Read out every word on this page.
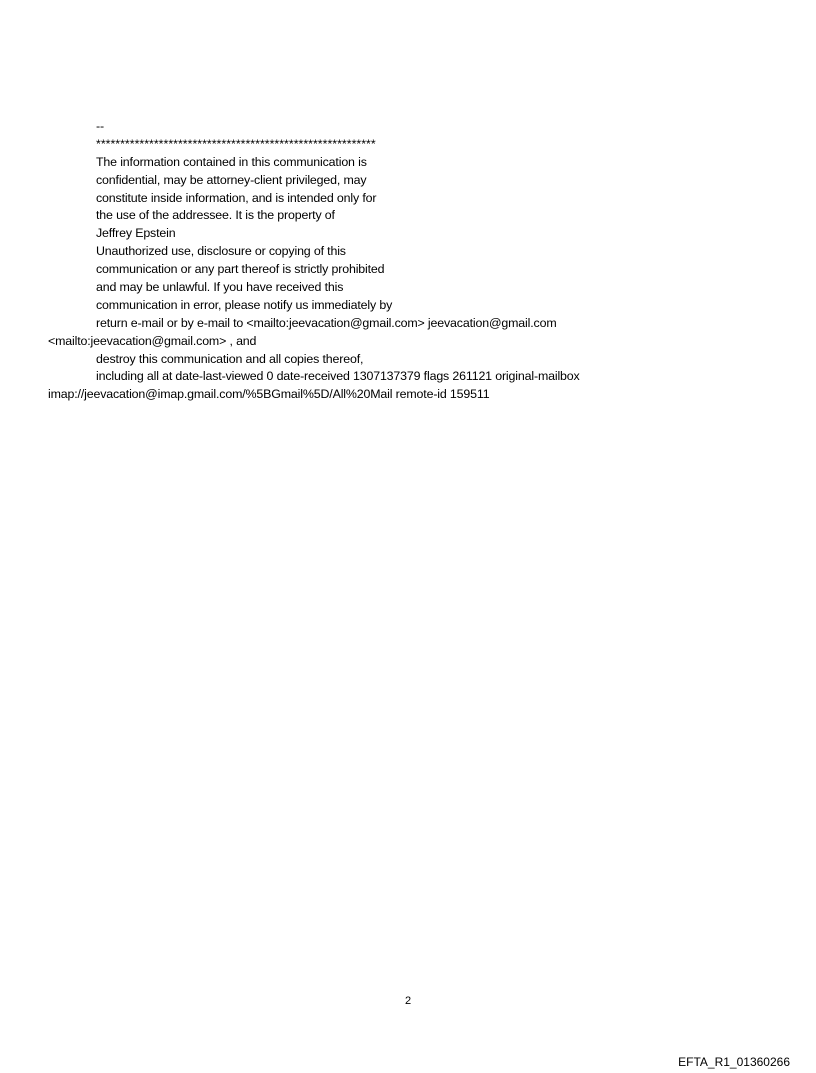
--
**********************************************************
The information contained in this communication is
confidential, may be attorney-client privileged, may
constitute inside information, and is intended only for
the use of the addressee. It is the property of
Jeffrey Epstein
Unauthorized use, disclosure or copying of this
communication or any part thereof is strictly prohibited
and may be unlawful. If you have received this
communication in error, please notify us immediately by
return e-mail or by e-mail to <mailto:jeevacation@gmail.com> jeevacation@gmail.com
<mailto:jeevacation@gmail.com> , and
destroy this communication and all copies thereof,
including all at date-last-viewed 0 date-received 1307137379 flags 261121 original-mailbox
imap://jeevacation@imap.gmail.com/%5BGmail%5D/All%20Mail remote-id 159511
2
EFTA_R1_01360266
